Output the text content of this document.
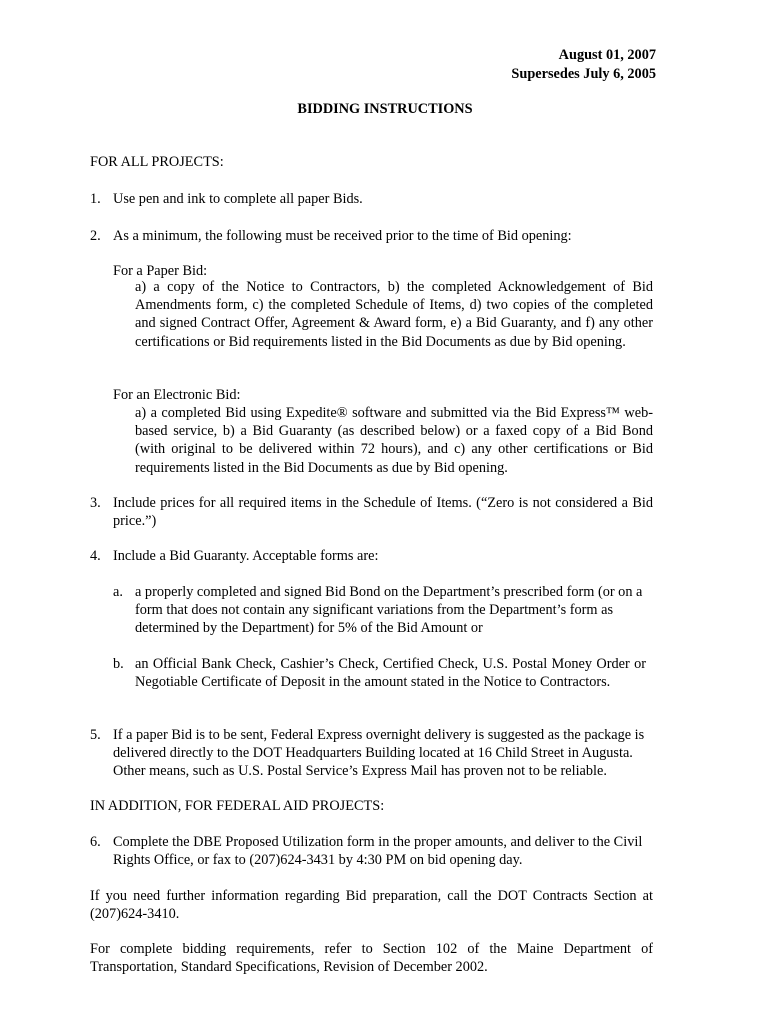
August 01, 2007
Supersedes July 6, 2005
BIDDING INSTRUCTIONS
FOR ALL PROJECTS:
1. Use pen and ink to complete all paper Bids.
2. As a minimum, the following must be received prior to the time of Bid opening:
For a Paper Bid:
a) a copy of the Notice to Contractors, b) the completed Acknowledgement of Bid Amendments form, c) the completed Schedule of Items, d) two copies of the completed and signed Contract Offer, Agreement & Award form, e) a Bid Guaranty, and f) any other certifications or Bid requirements listed in the Bid Documents as due by Bid opening.
For an Electronic Bid:
a) a completed Bid using Expedite® software and submitted via the Bid Express™ web-based service, b) a Bid Guaranty (as described below) or a faxed copy of a Bid Bond (with original to be delivered within 72 hours), and c) any other certifications or Bid requirements listed in the Bid Documents as due by Bid opening.
3. Include prices for all required items in the Schedule of Items. (“Zero is not considered a Bid price.”)
4. Include a Bid Guaranty. Acceptable forms are:
a. a properly completed and signed Bid Bond on the Department’s prescribed form (or on a form that does not contain any significant variations from the Department’s form as determined by the Department) for 5% of the Bid Amount or
b. an Official Bank Check, Cashier’s Check, Certified Check, U.S. Postal Money Order or Negotiable Certificate of Deposit in the amount stated in the Notice to Contractors.
5. If a paper Bid is to be sent, Federal Express overnight delivery is suggested as the package is delivered directly to the DOT Headquarters Building located at 16 Child Street in Augusta. Other means, such as U.S. Postal Service’s Express Mail has proven not to be reliable.
IN ADDITION, FOR FEDERAL AID PROJECTS:
6. Complete the DBE Proposed Utilization form in the proper amounts, and deliver to the Civil Rights Office, or fax to (207)624-3431 by 4:30 PM on bid opening day.
If you need further information regarding Bid preparation, call the DOT Contracts Section at (207)624-3410.
For complete bidding requirements, refer to Section 102 of the Maine Department of Transportation, Standard Specifications, Revision of December 2002.
